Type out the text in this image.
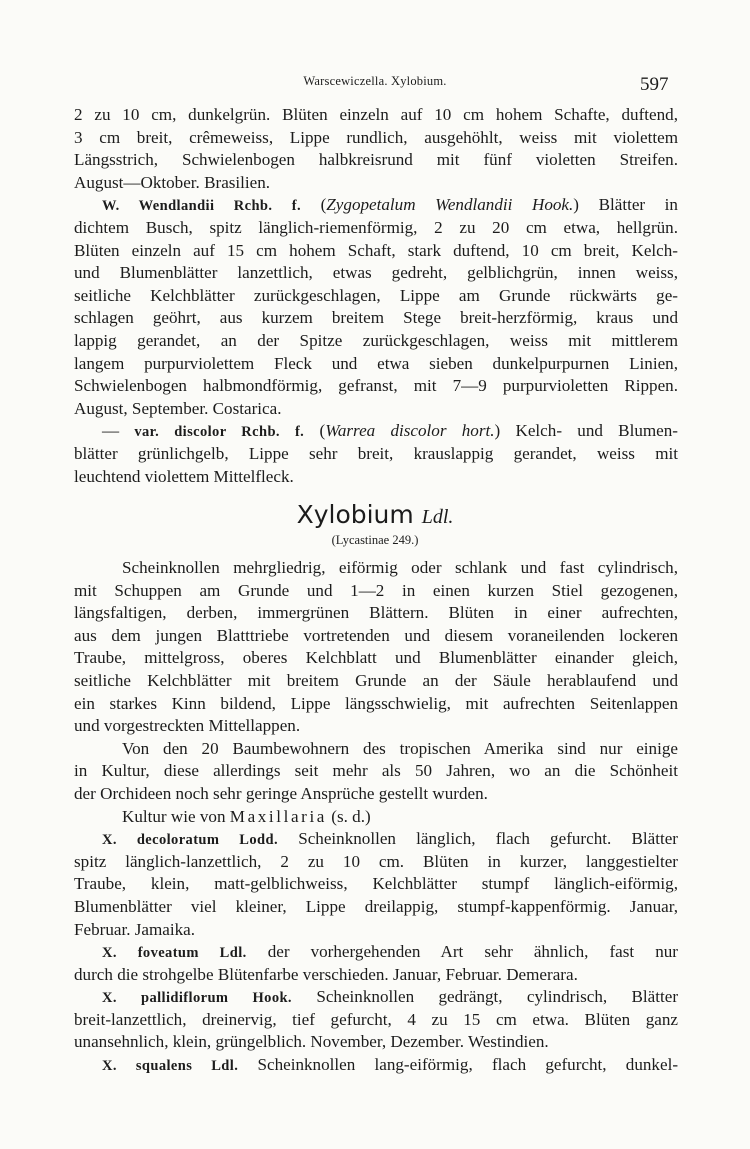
Warscewiczella. Xylobium.	597
2 zu 10 cm, dunkelgrün. Blüten einzeln auf 10 cm hohem Schafte, duftend,
3 cm breit, crêmeweiss, Lippe rundlich, ausgehöhlt, weiss mit violettem
Längsstrich, Schwielenbogen halbkreisrund mit fünf violetten Streifen.
August—Oktober. Brasilien.
W. Wendlandii Rchb. f. (Zygopetalum Wendlandii Hook.) Blätter in
dichtem Busch, spitz länglich-riemenförmig, 2 zu 20 cm etwa, hellgrün.
Blüten einzeln auf 15 cm hohem Schaft, stark duftend, 10 cm breit, Kelch-
und Blumenblätter lanzettlich, etwas gedreht, gelblichgrün, innen weiss,
seitliche Kelchblätter zurückgeschlagen, Lippe am Grunde rückwärts ge-
schlagen geöhrt, aus kurzem breitem Stege breit-herzförmig, kraus und
lappig gerandet, an der Spitze zurückgeschlagen, weiss mit mittlerem
langem purpurviolettem Fleck und etwa sieben dunkelpurpurnen Linien,
Schwielenbogen halbmondförmig, gefranst, mit 7—9 purpurvioletten Rippen.
August, September. Costarica.
— var. discolor Rchb. f. (Warrea discolor hort.) Kelch- und Blumen-
blätter grünlichgelb, Lippe sehr breit, krauslappig gerandet, weiss mit
leuchtend violettem Mittelfleck.
Xylobium Ldl.
(Lycastinae 249.)
Scheinknollen mehrgliedrig, eiförmig oder schlank und fast cylindrisch,
mit Schuppen am Grunde und 1—2 in einen kurzen Stiel gezogenen,
längsfaltigen, derben, immergrünen Blättern. Blüten in einer aufrechten,
aus dem jungen Blatttriebe vortretenden und diesem voraneilenden lockeren
Traube, mittelgross, oberes Kelchblatt und Blumenblätter einander gleich,
seitliche Kelchblätter mit breitem Grunde an der Säule herablaufend und
ein starkes Kinn bildend, Lippe längsschwielig, mit aufrechten Seitenlappen
und vorgestreckten Mittellappen.
Von den 20 Baumbewohnern des tropischen Amerika sind nur einige
in Kultur, diese allerdings seit mehr als 50 Jahren, wo an die Schönheit
der Orchideen noch sehr geringe Ansprüche gestellt wurden.
Kultur wie von Maxillaria (s. d.)
X. decoloratum Lodd. Scheinknollen länglich, flach gefurcht. Blätter
spitz länglich-lanzettlich, 2 zu 10 cm. Blüten in kurzer, langgestielter
Traube, klein, matt-gelblichweiss, Kelchblätter stumpf länglich-eiförmig,
Blumenblätter viel kleiner, Lippe dreilappig, stumpf-kappenförmig. Januar,
Februar. Jamaika.
X. foveatum Ldl. der vorhergehenden Art sehr ähnlich, fast nur
durch die strohgelbe Blütenfarbe verschieden. Januar, Februar. Demerara.
X. pallidiflorum Hook. Scheinknollen gedrängt, cylindrisch, Blätter
breit-lanzettlich, dreinervig, tief gefurcht, 4 zu 15 cm etwa. Blüten ganz
unansehnlich, klein, grüngelblich. November, Dezember. Westindien.
X. squalens Ldl. Scheinknollen lang-eiförmig, flach gefurcht, dunkel-
